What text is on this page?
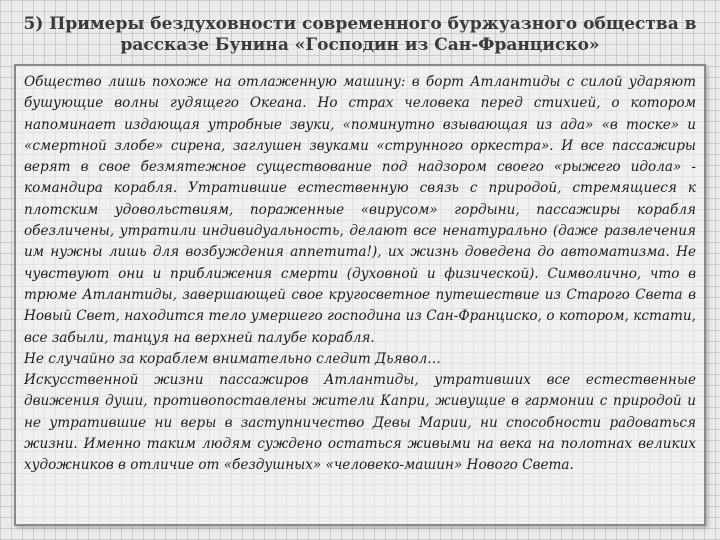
5) Примеры бездуховности современного буржуазного общества в рассказе Бунина «Господин из Сан-Франциско»

Общество лишь похоже на отлаженную машину: в борт Атлантиды с силой ударяют бушующие волны гудящего Океана. Но страх человека перед стихией, о котором напоминает издающая утробные звуки, «поминутно взывающая из ада» «в тоске» и «смертной злобе» сирена, заглушен звуками «струнного оркестра». И все пассажиры верят в свое безмятежное существование под надзором своего «рыжего идола» - командира корабля. Утратившие естественную связь с природой, стремящиеся к плотским удовольствиям, пораженные «вирусом» гордыни, пассажиры корабля обезличены, утратили индивидуальность, делают все ненатурально (даже развлечения им нужны лишь для возбуждения аппетита!), их жизнь доведена до автоматизма. Не чувствуют они и приближения смерти (духовной и физической). Символично, что в трюме Атлантиды, завершающей свое кругосветное путешествие из Старого Света в Новый Свет, находится тело умершего господина из Сан-Франциско, о котором, кстати, все забыли, танцуя на верхней палубе корабля.

Не случайно за кораблем внимательно следит Дьявол…

Искусственной жизни пассажиров Атлантиды, утративших все естественные движения души, противопоставлены жители Капри, живущие в гармонии с природой и не утратившие ни веры в заступничество Девы Марии, ни способности радоваться жизни. Именно таким людям суждено остаться живыми на века на полотнах великих художников в отличие от «бездушных» «человеко-машин» Нового Света.
